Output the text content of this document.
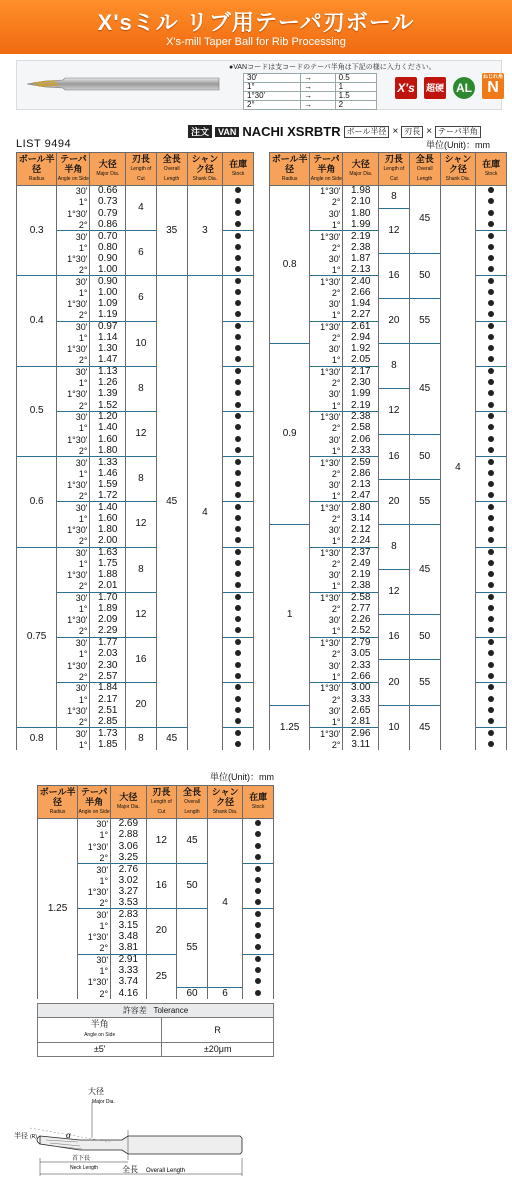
X'sミル リブ用テーパ刃ボール
X's-mill Taper Ball for Rib Processing
●VANコードは支コードのテーパ半角は下記の様に入力ください。
30'	→	0.5
1°	→	1
1°30'	→	1.5
2°	→	2
X's 超硬 AL
ねじれ角
N
注文	VAN NACHI XSRBTR ボール半径 × 刃長 × テーパ半角
LIST 9494	単位(Unit)：mm
単位(Unit)：mm
ボール半径
Radius	テーパ半角
Angle on Side	大径
Major Dia.	刃長
Length of Cut	全長
Overall Length	シャンク径
Shank Dia.	在庫
Stock

0.3	30'	0.66	4	35	3	
	1°	0.73				
	1°30'	0.79				
	2°	0.86				
	30'	0.70	6			
	1°	0.80				
	1°30'	0.90				
	2°	1.00				
0.4	30'	0.90	6	45	4	
	1°	1.00				
	1°30'	1.09				
	2°	1.19				
	30'	0.97	10			
	1°	1.14				
	1°30'	1.30				
	2°	1.47				
0.5	30'	1.13	8			
	1°	1.26				
	1°30'	1.39				
	2°	1.52				
	30'	1.20	12			
	1°	1.40				
	1°30'	1.60				
	2°	1.80				
0.6	30'	1.33	8			
	1°	1.46				
	1°30'	1.59				
	2°	1.72				
	30'	1.40	12			
	1°	1.60				
	1°30'	1.80				
	2°	2.00				
0.75	30'	1.63	8			
	1°	1.75				
	1°30'	1.88				
	2°	2.01				
	30'	1.70	12			
	1°	1.89				
	1°30'	2.09				
	2°	2.29				
	30'	1.77	16			
	1°	2.03				
	1°30'	2.30				
	2°	2.57				
	30'	1.84	20			
	1°	2.17				
	1°30'	2.51				
	2°	2.85				
0.8	30'	1.73	8	45		
	1°	1.85				
ボール半径
Radius	テーパ半角
Angle on Side	大径
Major Dia.	刃長
Length of Cut	全長
Overall Length	シャンク径
Shank Dia.	在庫
Stock

0.8	1°30'	1.98	8	45	4	
	2°	2.10				
	30'	1.80	12			
	1°	1.99				
	1°30'	2.19				
	2°	2.38				
	30'	1.87	16	50		
	1°	2.13				
	1°30'	2.40				
	2°	2.66				
	30'	1.94	20	55		
	1°	2.27				
	1°30'	2.61				
	2°	2.94				
0.9	30'	1.92	8	45		
	1°	2.05				
	1°30'	2.17				
	2°	2.30				
	30'	1.99	12			
	1°	2.19				
	1°30'	2.38				
	2°	2.58				
	30'	2.06	16	50		
	1°	2.33				
	1°30'	2.59				
	2°	2.86				
	30'	2.13	20	55		
	1°	2.47				
	1°30'	2.80				
	2°	3.14				
1	30'	2.12	8	45		
	1°	2.24				
	1°30'	2.37				
	2°	2.49				
	30'	2.19	12			
	1°	2.38				
	1°30'	2.58				
	2°	2.77				
	30'	2.26	16	50		
	1°	2.52				
	1°30'	2.79				
	2°	3.05				
	30'	2.33	20	55		
	1°	2.66				
	1°30'	3.00				
	2°	3.33				
1.25	30'	2.65	10	45		
	1°	2.81				
	1°30'	2.96				
	2°	3.11				
ボール半径
Radius	テーパ半角
Angle on Side	大径
Major Dia.	刃長
Length of Cut	全長
Overall Length	シャンク径
Shank Dia.	在庫
Stock

1.25	30'	2.69	12	45	4	
	1°	2.88				
	1°30'	3.06				
	2°	3.25				
	30'	2.76	16	50		
	1°	3.02				
	1°30'	3.27				
	2°	3.53				
	30'	2.83	20	55		
	1°	3.15				
	1°30'	3.48				
	2°	3.81				
	30'	2.91	25			
	1°	3.33				
	1°30'	3.74				
	2°	4.16		60	6	
許容差 Tolerance	
半角
Angle on Side	R
±5'	±20μm
大径
Major Dia.
半径 (R)	α
首下長
Neck Length	全長 Overall Length
